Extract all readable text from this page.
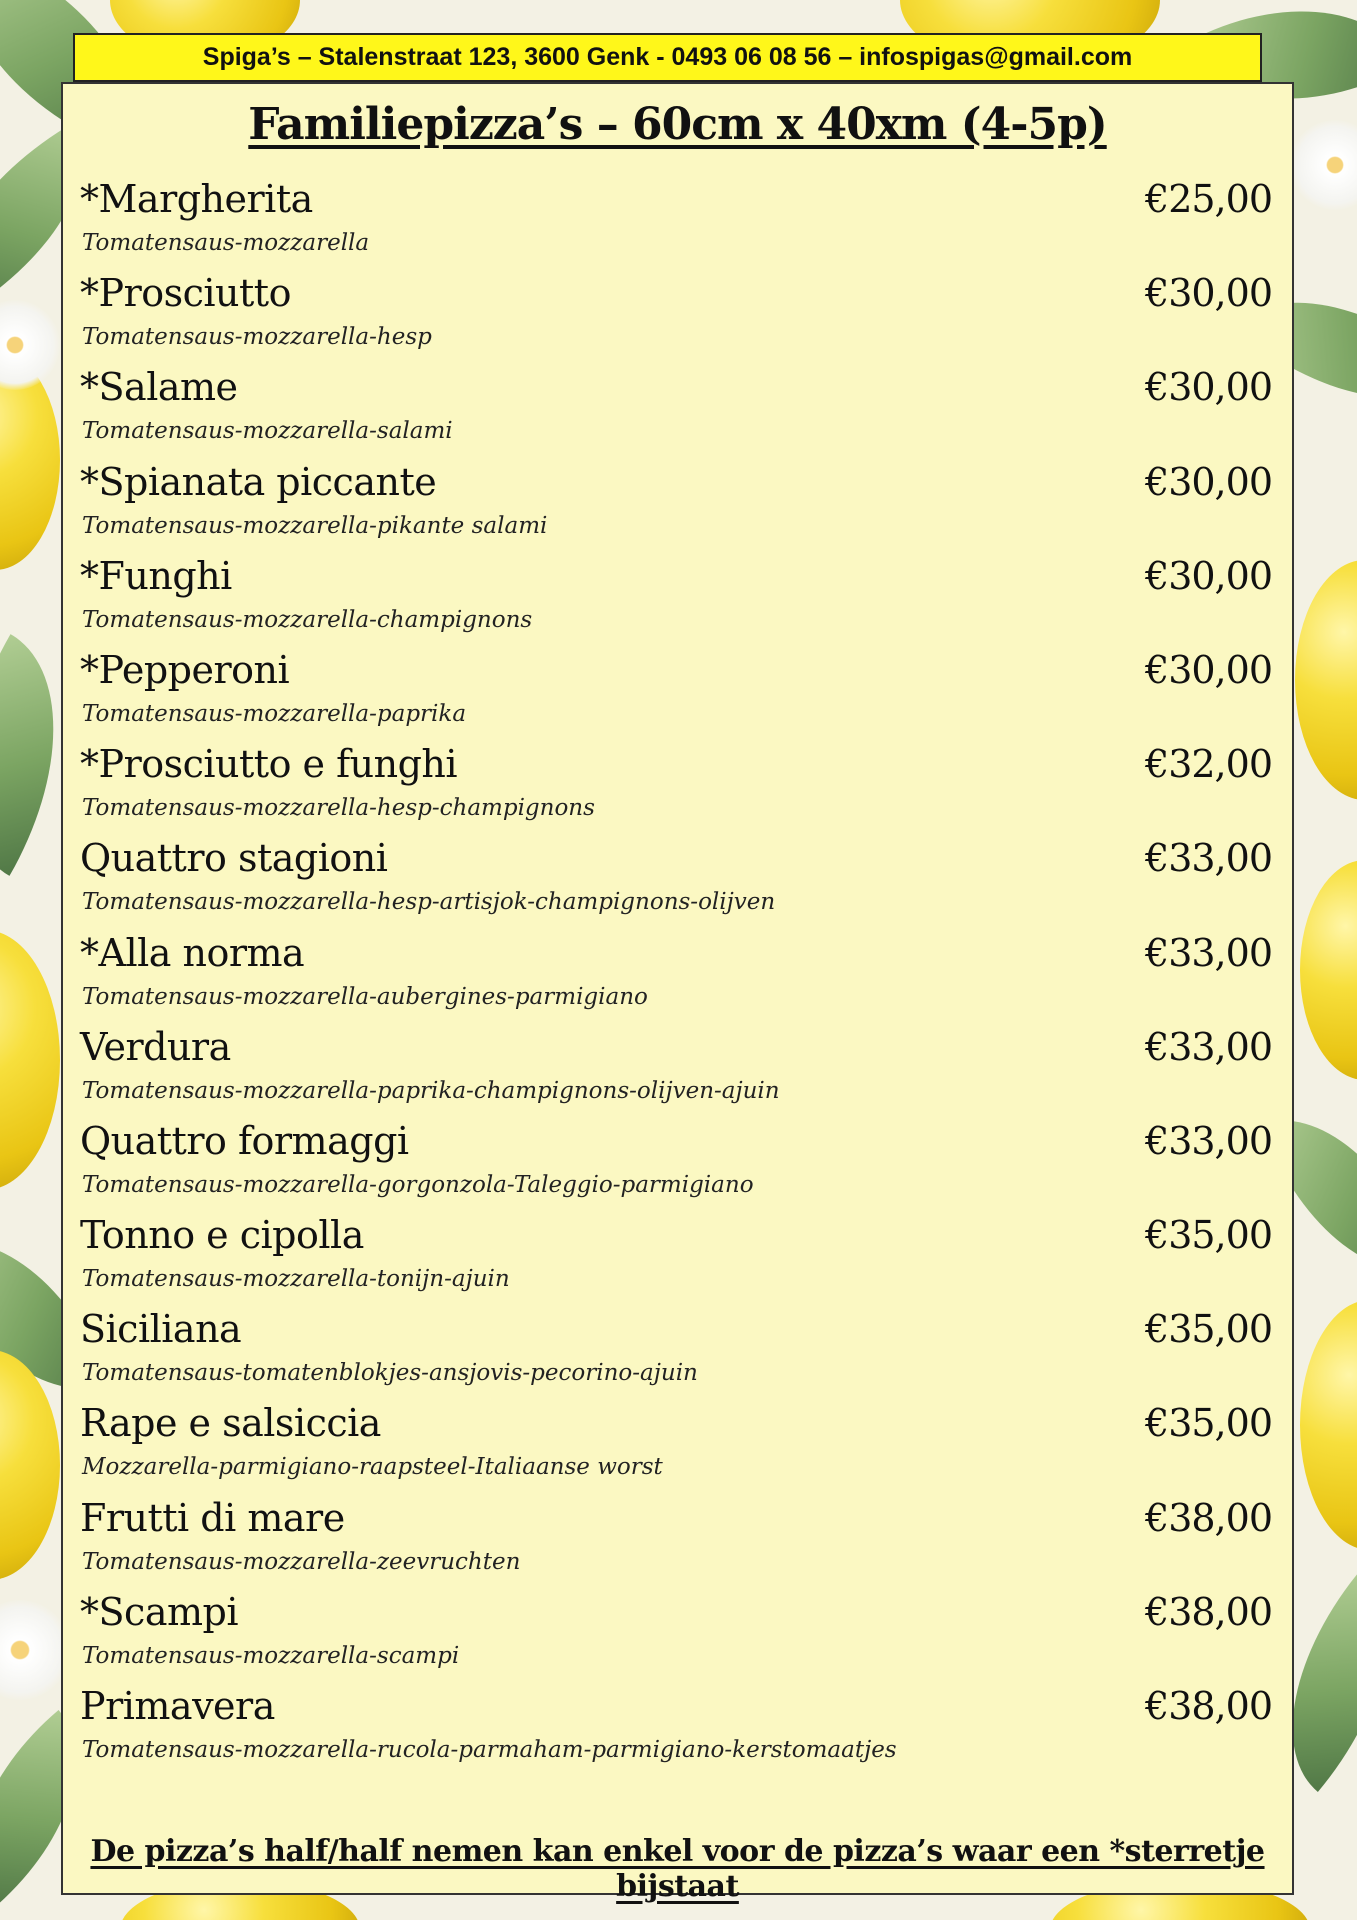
Spiga’s – Stalenstraat 123, 3600 Genk - 0493 06 08 56 – infospigas@gmail.com
Familiepizza’s – 60cm x 40xm (4-5p)
*Margherita	€25,00
Tomatensaus-mozzarella
*Prosciutto	€30,00
Tomatensaus-mozzarella-hesp
*Salame	€30,00
Tomatensaus-mozzarella-salami
*Spianata piccante	€30,00
Tomatensaus-mozzarella-pikante salami
*Funghi	€30,00
Tomatensaus-mozzarella-champignons
*Pepperoni	€30,00
Tomatensaus-mozzarella-paprika
*Prosciutto e funghi	€32,00
Tomatensaus-mozzarella-hesp-champignons
Quattro stagioni	€33,00
Tomatensaus-mozzarella-hesp-artisjok-champignons-olijven
*Alla norma	€33,00
Tomatensaus-mozzarella-aubergines-parmigiano
Verdura	€33,00
Tomatensaus-mozzarella-paprika-champignons-olijven-ajuin
Quattro formaggi	€33,00
Tomatensaus-mozzarella-gorgonzola-Taleggio-parmigiano
Tonno e cipolla	€35,00
Tomatensaus-mozzarella-tonijn-ajuin
Siciliana	€35,00
Tomatensaus-tomatenblokjes-ansjovis-pecorino-ajuin
Rape e salsiccia	€35,00
Mozzarella-parmigiano-raapsteel-Italiaanse worst
Frutti di mare	€38,00
Tomatensaus-mozzarella-zeevruchten
*Scampi	€38,00
Tomatensaus-mozzarella-scampi
Primavera	€38,00
Tomatensaus-mozzarella-rucola-parmaham-parmigiano-kerstomaatjes
De pizza’s half/half nemen kan enkel voor de pizza’s waar een *sterretje bijstaat
